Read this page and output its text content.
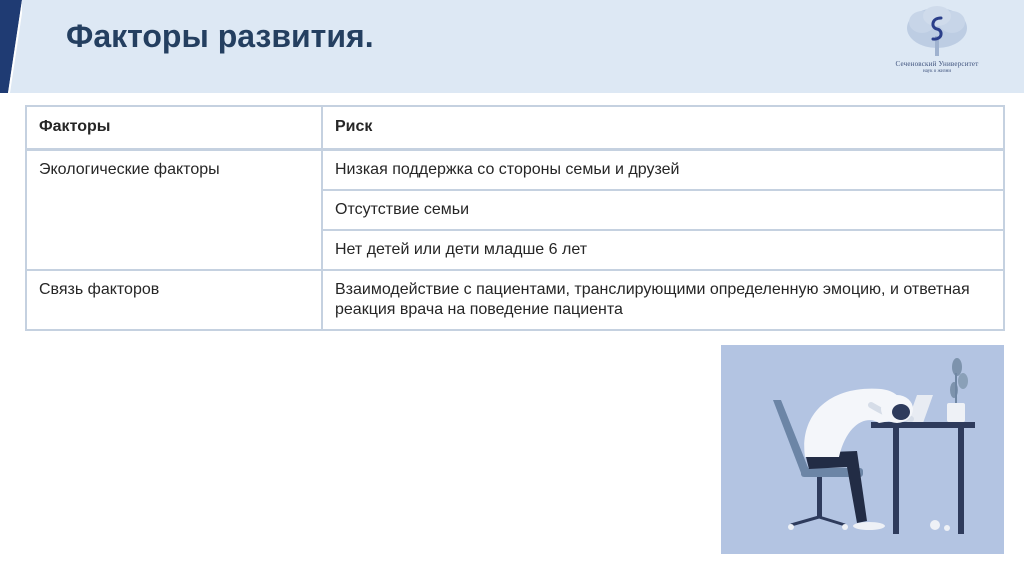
Факторы развития.
Сеченовский Университет
наук о жизни
Факторы	Риск
Экологические факторы	Низкая поддержка со стороны семьи и друзей
	Отсутствие семьи
	Нет детей или дети младше 6 лет
Связь факторов	Взаимодействие с пациентами, транслирующими определенную эмоцию, и ответная реакция врача на поведение пациента
